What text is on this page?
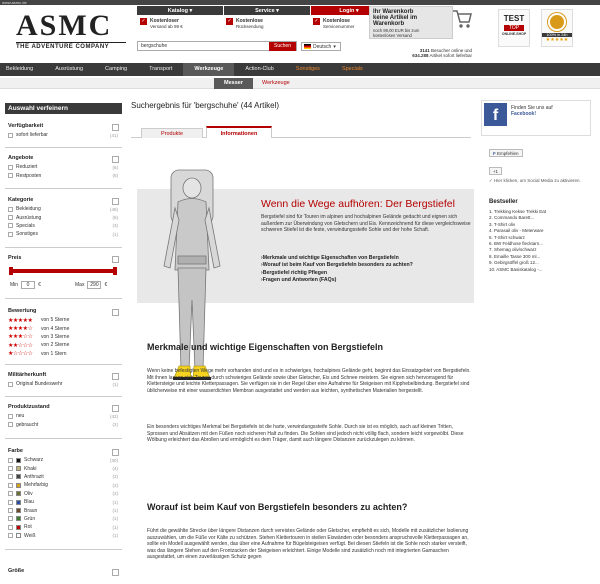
www.asmc.de
ASMC
THE ADVENTURE COMPANY
Katalog ▾	Service ▾	Login ▾
✓ Kostenloser
Versand ab 99 €
✓ Kostenlose
Rücksendung
✓ Kostenlose
Servicenummer
bergschuhe	Suchen	Deutsch ▾
Ihr Warenkorb
keine Artikel im
Warenkorb
noch 99,00 EUR bis zum
kostenlosen Versand
3141 Besucher online und
634.288 Artikel sofort lieferbar
TEST
TOP
ONLINE-SHOP	100% in 24h
★★★★★
Bekleidung	Ausrüstung	Camping	Transport	Werkzeuge	Action-Club	Sonstiges	Specials
Messer	Werkzeuge
Auswahl verfeinern
Verfügbarkeit
sofort lieferbar	(41)
Angebote
Reduziert	(6)
Restposten	(6)
Kategorie
Bekleidung	(49)
Ausrüstung	(6)
Specials	(3)
Sonstiges	(1)
Preis
Min	0	€	Max	290	€
Bewertung
★★★★★	von 5 Sterne
★★★★☆	von 4 Sterne
★★★☆☆	von 3 Sterne
★★☆☆☆	von 2 Sterne
★☆☆☆☆	von 1 Stern
Militärherkunft
Original Bundeswehr	(1)
Produktzustand
neu	(42)
gebraucht	(2)
Farbe
Schwarz	(30)
Khaki	(4)
Anthrazit	(2)
Mehrfarbig	(2)
Oliv	(2)
Blau	(1)
Braun	(1)
Grün	(1)
Rot	(1)
Weiß	(1)
Größe
Suchergebnis für 'bergschuhe' (44 Artikel)
Produkte	Informationen
Wenn die Wege aufhören: Der Bergstiefel
Bergstiefel sind für Touren im alpinen und hochalpinen Gelände gedacht und eignen sich außerdem zur Überwindung von Gletschern und Eis. Kennzeichnend für diese vergleichsweise schweren Stiefel ist die feste, verwindungssteife Sohle und der hohe Schaft.
›Merkmale und wichtige Eigenschaften von Bergstiefeln
›Worauf ist beim Kauf von Bergstiefeln besonders zu achten?
›Bergstiefel richtig Pflegen
›Fragen und Antworten (FAQs)
Merkmale und wichtige Eigenschaften von Bergstiefeln
Wenn keine befestigten Wege mehr vorhanden sind und es in schwieriges, hochalpines Gelände geht, beginnt das Einsatzgebiet von Bergstiefeln. Mit ihnen lassen sich Touren durch schwieriges Gelände sowie über Gletscher, Eis und Schnee meistern. Sie eignen sich hervorragend für Klettersteige und leichte Kletterpassagen. Sie verfügen sie in der Regel über eine Aufnahme für Steigeisen mit Kipphebelbindung. Bergstiefel sind üblicherweise mit einer wasserdichten Membran ausgestattet und werden aus leichten, synthetischen Materialien hergestellt.
Ein besonders wichtiges Merkmal bei Bergstiefeln ist die harte, verwindungssteife Sohle. Durch sie ist es möglich, auch auf kleinen Tritten, Sprossen und Absätzen mit den Füßen noch sicheren Halt zu finden. Die Sohlen sind jedoch nicht völlig flach, sondern leicht vorgewölbt. Diese Wölbung erleichtert das Abrollen und ermöglicht es dem Träger, damit auch längere Distanzen zurückzulegen zu können.
Worauf ist beim Kauf von Bergstiefeln besonders zu achten?
Führt die gewählte Strecke über längere Distanzen durch vereistes Gelände oder Gletscher, empfiehlt es sich, Modelle mit zusätzlicher Isolierung auszuwählen, um die Füße vor Kälte zu schützen. Stehen Klettertouren in steilen Eiswänden oder besonders anspruchsvolle Kletterpassagen an, sollte ein Modell ausgewählt werden, das über eine Aufnahme für Bügelsteigeisen verfügt. Bei diesen Stiefeln ist die Sohle noch starker versteift, was das längere Stehen auf den Frontzacken der Steigeisen erleichtert. Einige Modelle sind zusätzlich noch mit integrierten Gamaschen ausgestattet, um einen zuverlässigen Schutz gegen
f	Finden Sie uns auf
Facebook!
F Empfehlen
+1
✓ Hier klicken, um Social Media zu aktivieren.
Bestseller
1. Trekking Kekse Trekki Eat
2. Commando Barett...
3. T-Shirt oliv
4. Parasail oliv - Meterware
5. T-Shirt schwarz
6. BW Feldhose flecktarn...
7. Shemag oliv/schwarz
8. Emaille Tasse 300 ml...
9. Gebirgsöffel groß 12...
10. ASMC Basiskatalog -...
